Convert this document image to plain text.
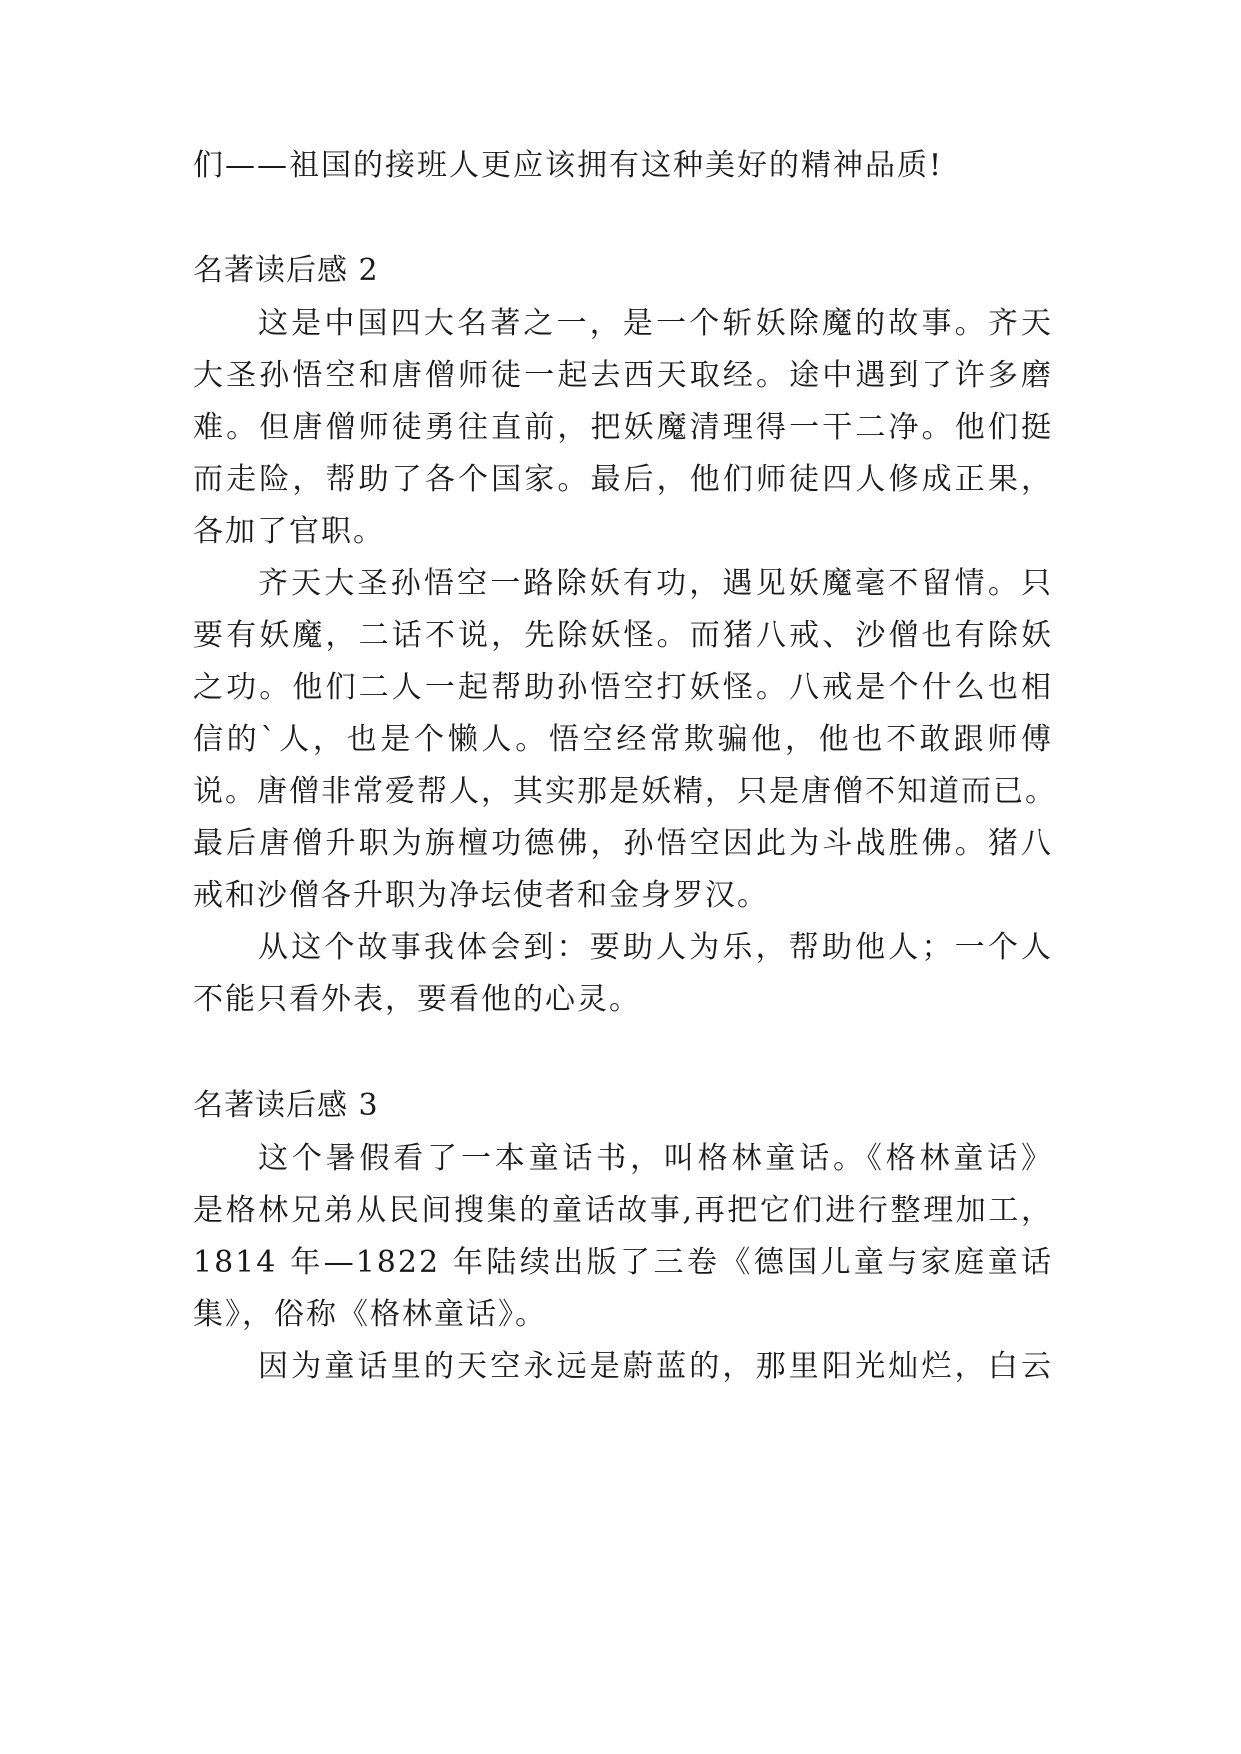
们——祖国的接班人更应该拥有这种美好的精神品质!
名著读后感 2
这是中国四大名著之一，是一个斩妖除魔的故事。齐天
大圣孙悟空和唐僧师徒一起去西天取经。途中遇到了许多磨
难。但唐僧师徒勇往直前，把妖魔清理得一干二净。他们挺
而走险，帮助了各个国家。最后，他们师徒四人修成正果，
各加了官职。
齐天大圣孙悟空一路除妖有功，遇见妖魔毫不留情。只
要有妖魔，二话不说，先除妖怪。而猪八戒、沙僧也有除妖
之功。他们二人一起帮助孙悟空打妖怪。八戒是个什么也相
信的`人，也是个懒人。悟空经常欺骗他，他也不敢跟师傅
说。唐僧非常爱帮人，其实那是妖精，只是唐僧不知道而已。
最后唐僧升职为旃檀功德佛，孙悟空因此为斗战胜佛。猪八
戒和沙僧各升职为净坛使者和金身罗汉。
从这个故事我体会到：要助人为乐，帮助他人；一个人
不能只看外表，要看他的心灵。
名著读后感 3
这个暑假看了一本童话书，叫格林童话。《格林童话》
是格林兄弟从民间搜集的童话故事,再把它们进行整理加工，
1814 年—1822 年陆续出版了三卷《德国儿童与家庭童话
集》，俗称《格林童话》。
因为童话里的天空永远是蔚蓝的，那里阳光灿烂，白云
